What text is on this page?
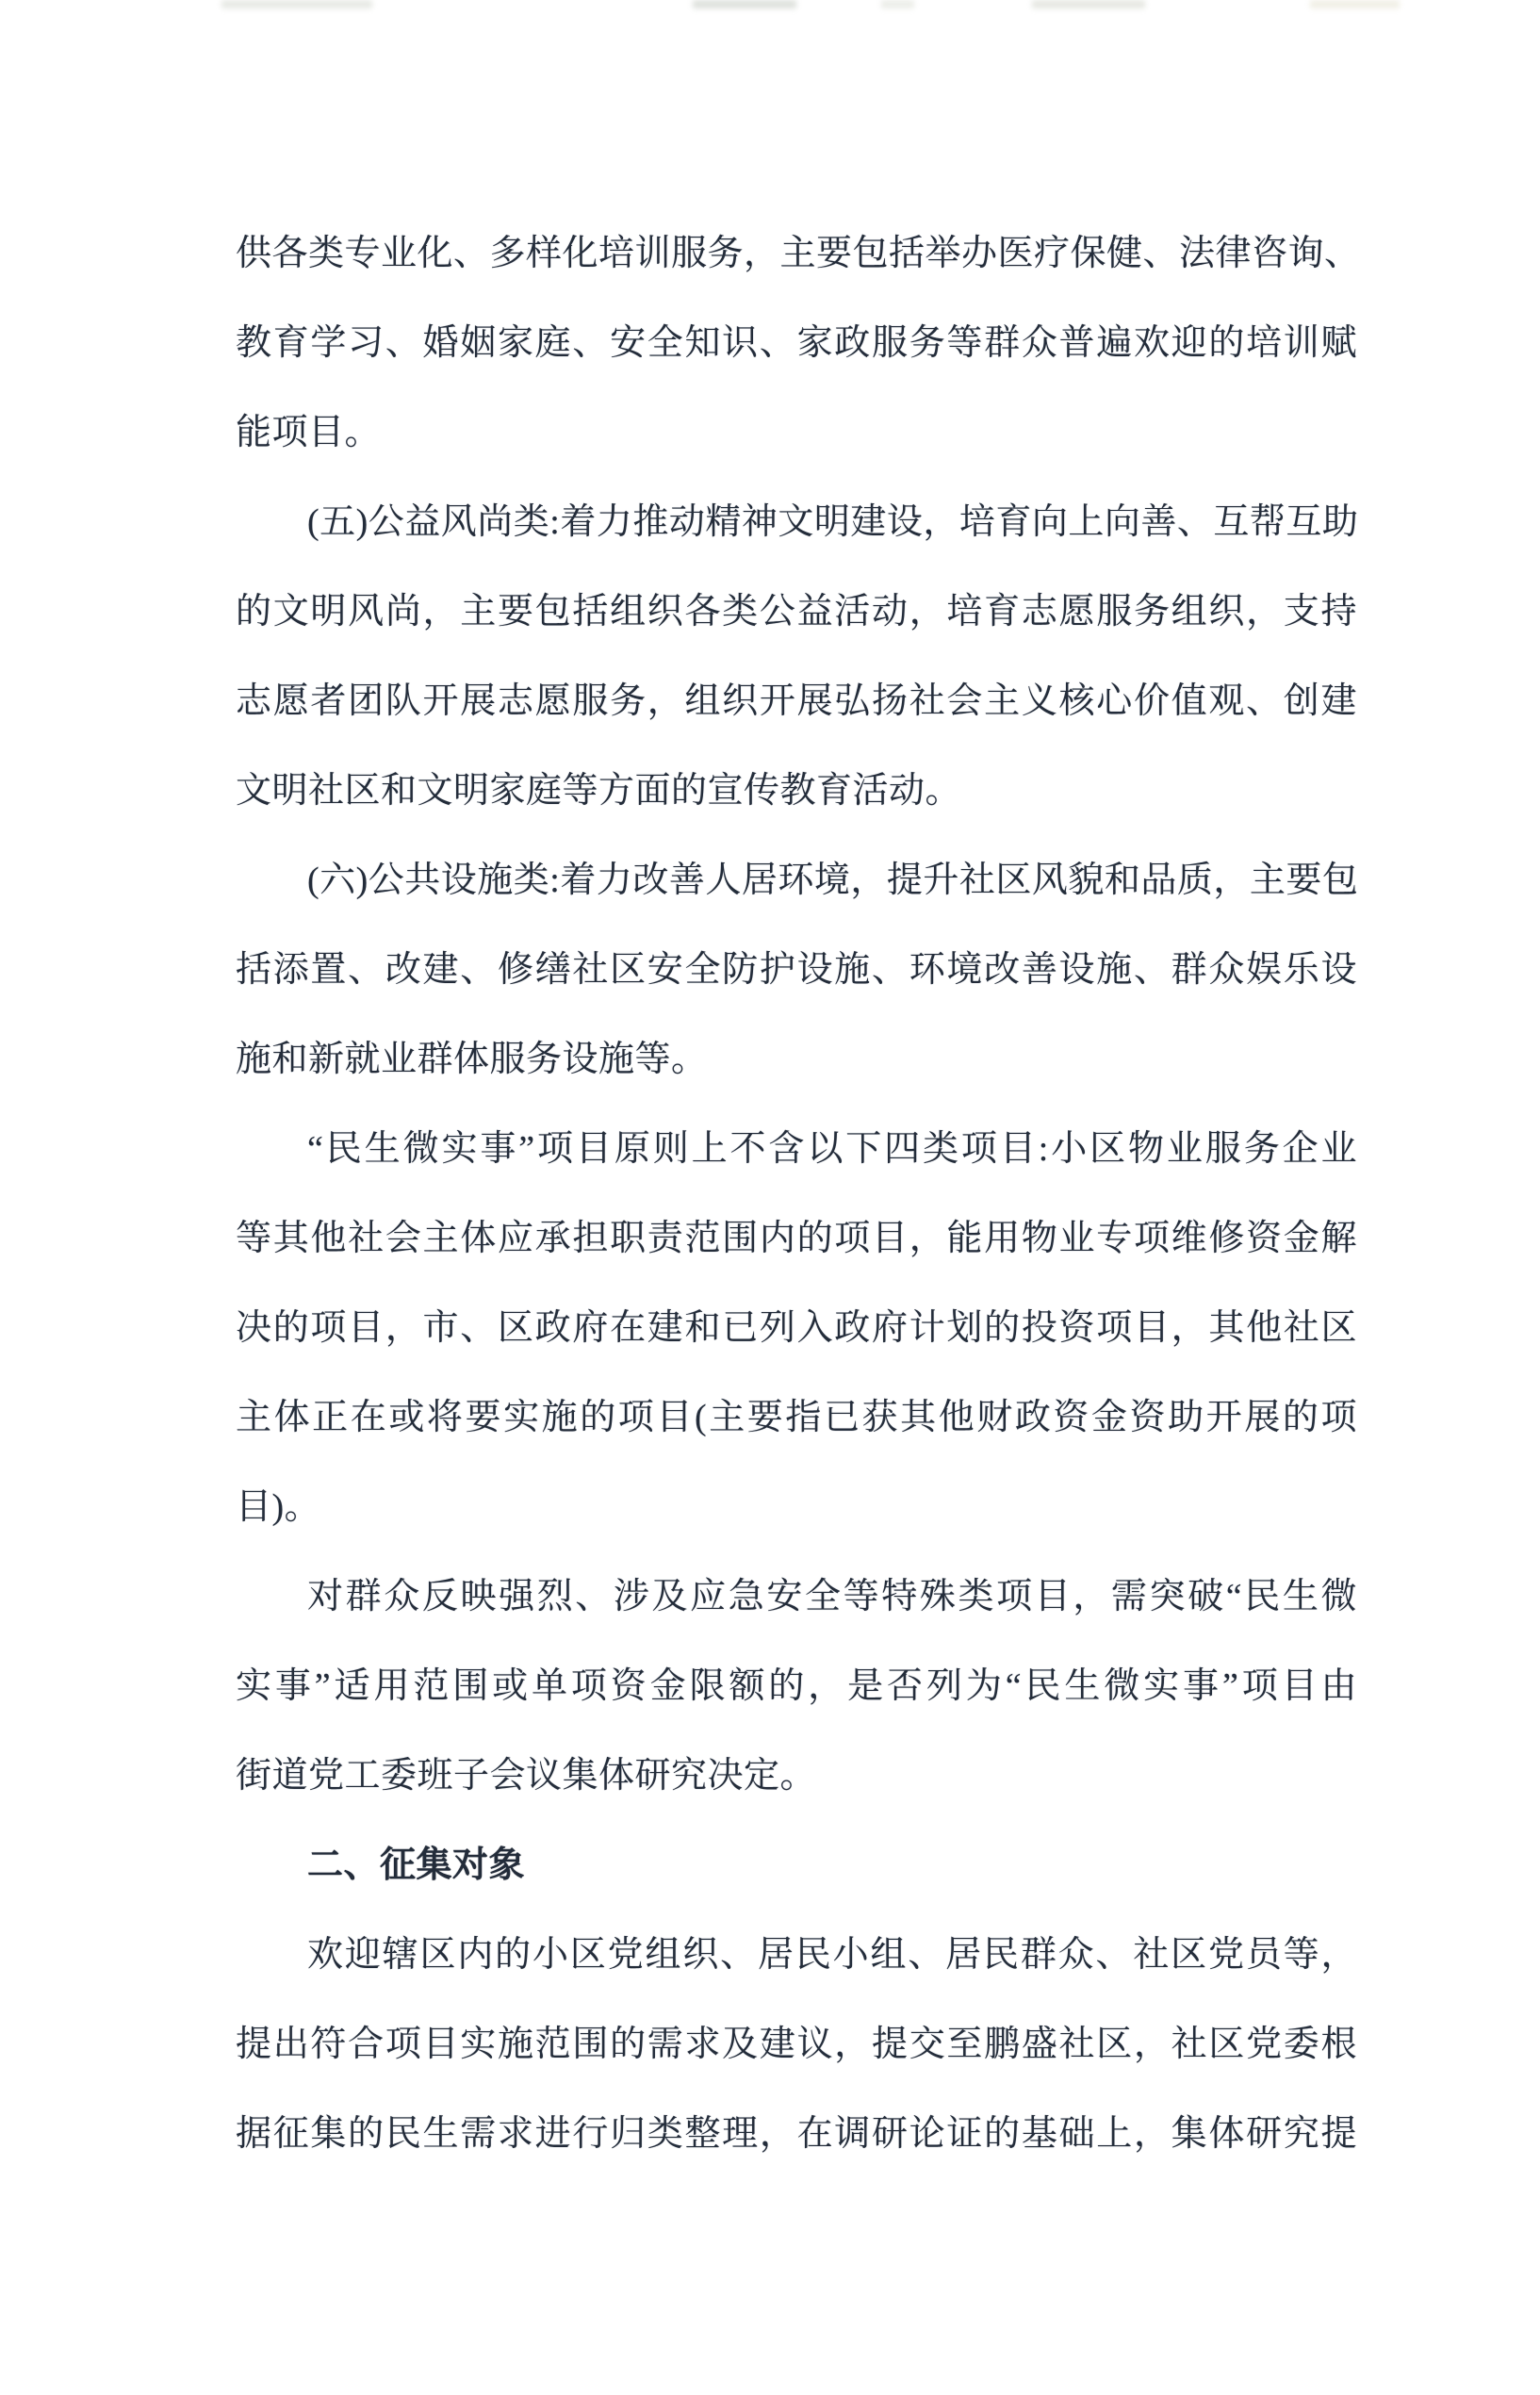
供各类专业化、多样化培训服务，主要包括举办医疗保健、法律咨询、
教育学习、婚姻家庭、安全知识、家政服务等群众普遍欢迎的培训赋
能项目。
(五)公益风尚类:着力推动精神文明建设，培育向上向善、互帮互助
的文明风尚，主要包括组织各类公益活动，培育志愿服务组织，支持
志愿者团队开展志愿服务，组织开展弘扬社会主义核心价值观、创建
文明社区和文明家庭等方面的宣传教育活动。
(六)公共设施类:着力改善人居环境，提升社区风貌和品质，主要包
括添置、改建、修缮社区安全防护设施、环境改善设施、群众娱乐设
施和新就业群体服务设施等。
“民生微实事”项目原则上不含以下四类项目:小区物业服务企业
等其他社会主体应承担职责范围内的项目，能用物业专项维修资金解
决的项目，市、区政府在建和已列入政府计划的投资项目，其他社区
主体正在或将要实施的项目(主要指已获其他财政资金资助开展的项
目)。
对群众反映强烈、涉及应急安全等特殊类项目，需突破“民生微
实事”适用范围或单项资金限额的，是否列为“民生微实事”项目由
街道党工委班子会议集体研究决定。
二、征集对象
欢迎辖区内的小区党组织、居民小组、居民群众、社区党员等，
提出符合项目实施范围的需求及建议，提交至鹏盛社区，社区党委根
据征集的民生需求进行归类整理，在调研论证的基础上，集体研究提
